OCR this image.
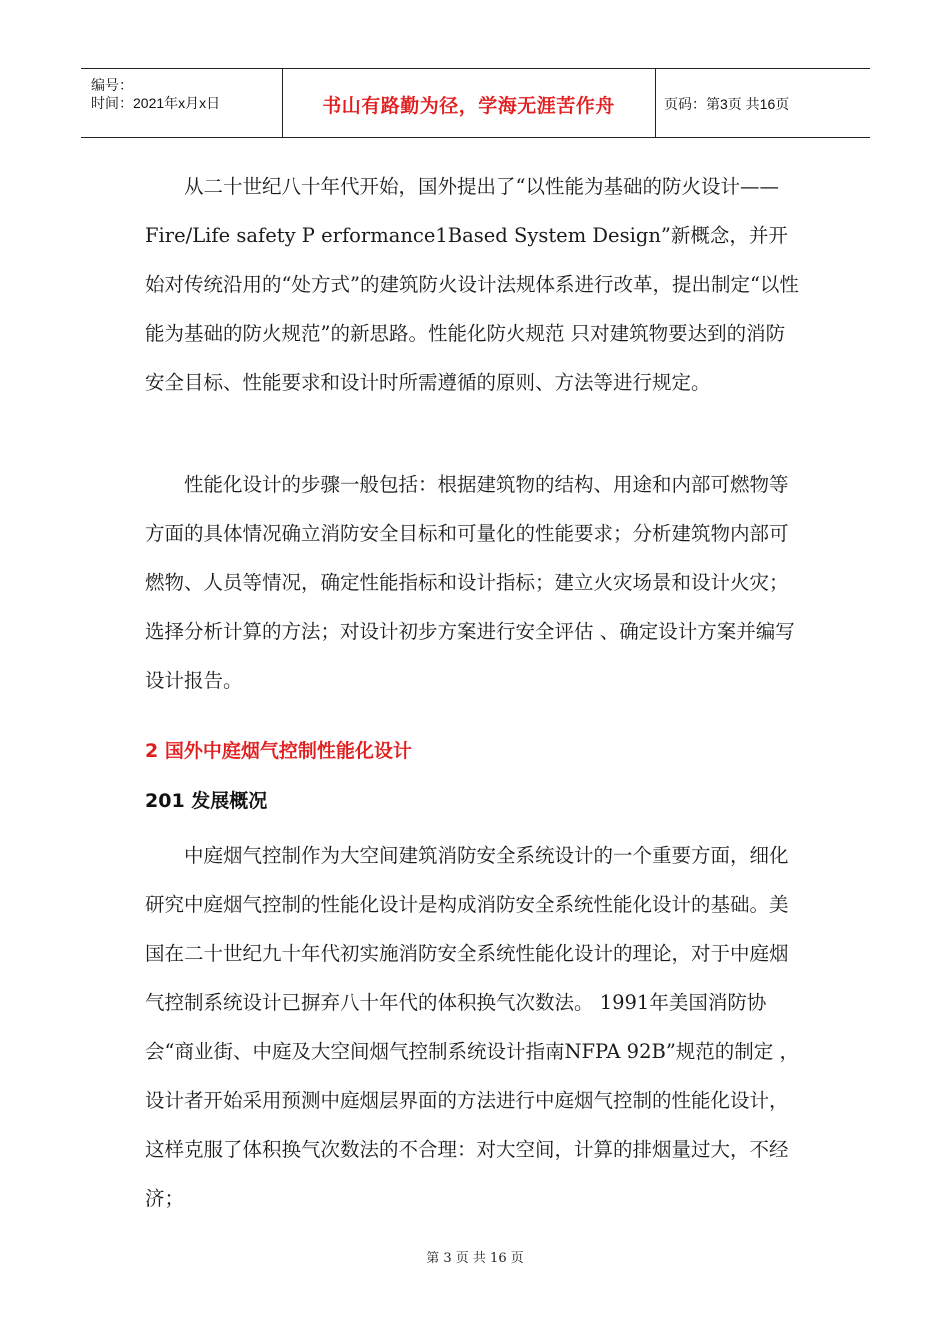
编号：
时间：2021年x月x日	书山有路勤为径，学海无涯苦作舟	页码：第3页 共16页

从二十世纪八十年代开始，国外提出了“以性能为基础的防火设计——Fire/Life safety P erformance1Based System Design”新概念，并开始对传统沿用的“处方式”的建筑防火设计法规体系进行改革，提出制定“以性能为基础的防火规范”的新思路。性能化防火规范 只对建筑物要达到的消防安全目标、性能要求和设计时所需遵循的原则、方法等进行规定。

性能化设计的步骤一般包括：根据建筑物的结构、用途和内部可燃物等方面的具体情况确立消防安全目标和可量化的性能要求；分析建筑物内部可燃物、人员等情况，确定性能指标和设计指标；建立火灾场景和设计火灾；选择分析计算的方法；对设计初步方案进行安全评估 、确定设计方案并编写设计报告。

2 国外中庭烟气控制性能化设计
201 发展概况

中庭烟气控制作为大空间建筑消防安全系统设计的一个重要方面，细化研究中庭烟气控制的性能化设计是构成消防安全系统性能化设计的基础。美国在二十世纪九十年代初实施消防安全系统性能化设计的理论，对于中庭烟气控制系统设计已摒弃八十年代的体积换气次数法。 1991年美国消防协会“商业街、中庭及大空间烟气控制系统设计指南NFPA 92B”规范的制定 ，设计者开始采用预测中庭烟层界面的方法进行中庭烟气控制的性能化设计，这样克服了体积换气次数法的不合理：对大空间，计算的排烟量过大，不经济；

第 3 页 共 16 页
